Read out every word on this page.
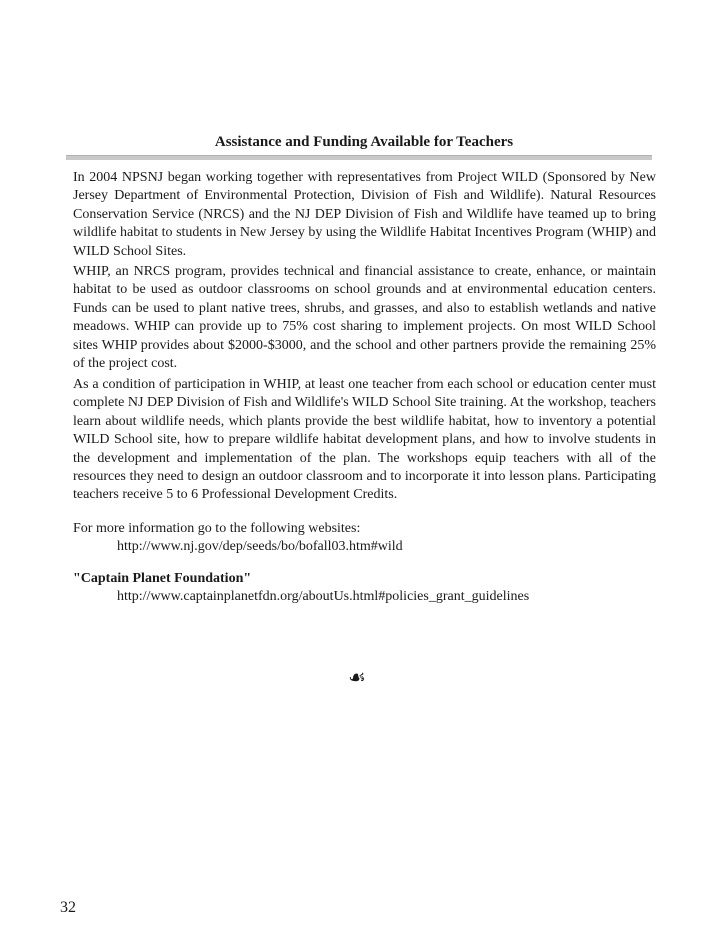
Assistance and Funding Available for Teachers

In 2004 NPSNJ began working together with representatives from Project WILD (Sponsored by New Jersey Department of Environmental Protection, Division of Fish and Wildlife). Natural Resources Conservation Service (NRCS) and the NJ DEP Division of Fish and Wildlife have teamed up to bring wildlife habitat to students in New Jersey by using the Wildlife Habitat Incentives Program (WHIP) and WILD School Sites.

WHIP, an NRCS program, provides technical and financial assistance to create, enhance, or maintain habitat to be used as outdoor classrooms on school grounds and at environmental education centers. Funds can be used to plant native trees, shrubs, and grasses, and also to establish wetlands and native meadows. WHIP can provide up to 75% cost sharing to implement projects. On most WILD School sites WHIP provides about $2000-$3000, and the school and other partners provide the remaining 25% of the project cost.

As a condition of participation in WHIP, at least one teacher from each school or education center must complete NJ DEP Division of Fish and Wildlife's WILD School Site training. At the workshop, teachers learn about wildlife needs, which plants provide the best wildlife habitat, how to inventory a potential WILD School site, how to prepare wildlife habitat development plans, and how to involve students in the development and implementation of the plan. The workshops equip teachers with all of the resources they need to design an outdoor classroom and to incorporate it into lesson plans. Participating teachers receive 5 to 6 Professional Development Credits.

For more information go to the following websites:

http://www.nj.gov/dep/seeds/bo/bofall03.htm#wild

"Captain Planet Foundation"

http://www.captainplanetfdn.org/aboutUs.html#policies_grant_guidelines
☙
32
